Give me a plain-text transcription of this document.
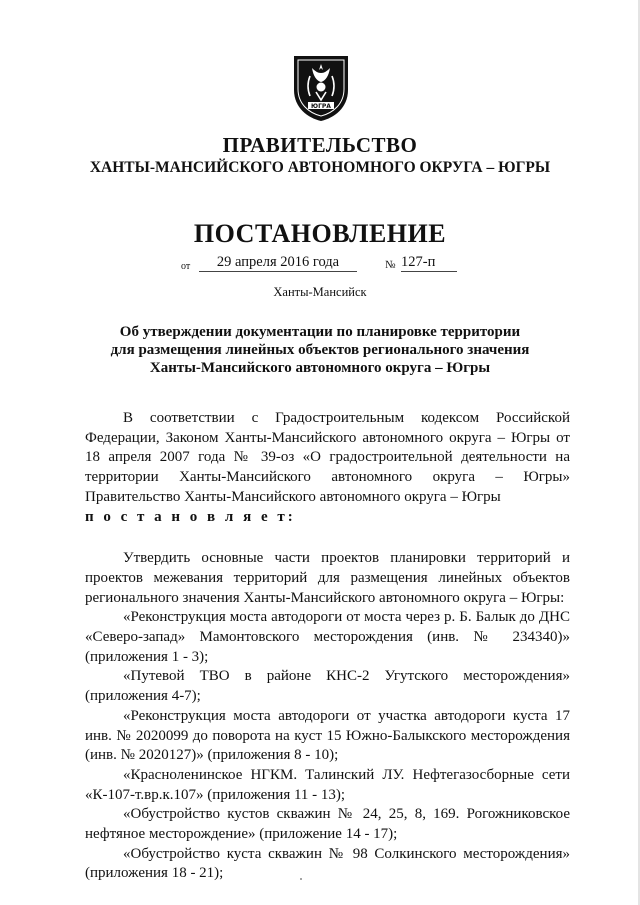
ЮГРА
ПРАВИТЕЛЬСТВО
ХАНТЫ-МАНСИЙСКОГО АВТОНОМНОГО ОКРУГА – ЮГРЫ
ПОСТАНОВЛЕНИЕ
от	29 апреля 2016 года	№ 127-п
Ханты-Мансийск
Об утверждении документации по планировке территории
для размещения линейных объектов регионального значения
Ханты-Мансийского автономного округа – Югры

В соответствии с Градостроительным кодексом Российской Федерации, Законом Ханты-Мансийского автономного округа – Югры от 18 апреля 2007 года № 39-оз «О градостроительной деятельности на территории Ханты-Мансийского автономного округа – Югры» Правительство Ханты-Мансийского автономного округа – Югры

п о с т а н о в л я е т:

Утвердить основные части проектов планировки территорий и проектов межевания территорий для размещения линейных объектов регионального значения Ханты-Мансийского автономного округа – Югры:

«Реконструкция моста автодороги от моста через р. Б. Балык до ДНС «Северо-запад» Мамонтовского месторождения (инв. № 234340)» (приложения 1 - 3);

«Путевой ТВО в районе КНС-2 Угутского месторождения» (приложения 4-7);

«Реконструкция моста автодороги от участка автодороги куста 17 инв. № 2020099 до поворота на куст 15 Южно-Балыкского месторождения (инв. № 2020127)» (приложения 8 - 10);

«Красноленинское НГКМ. Талинский ЛУ. Нефтегазосборные сети «К-107-т.вр.к.107» (приложения 11 - 13);

«Обустройство кустов скважин № 24, 25, 8, 169. Рогожниковское нефтяное месторождение» (приложение 14 - 17);

«Обустройство куста скважин № 98 Солкинского месторождения» (приложения 18 - 21);
